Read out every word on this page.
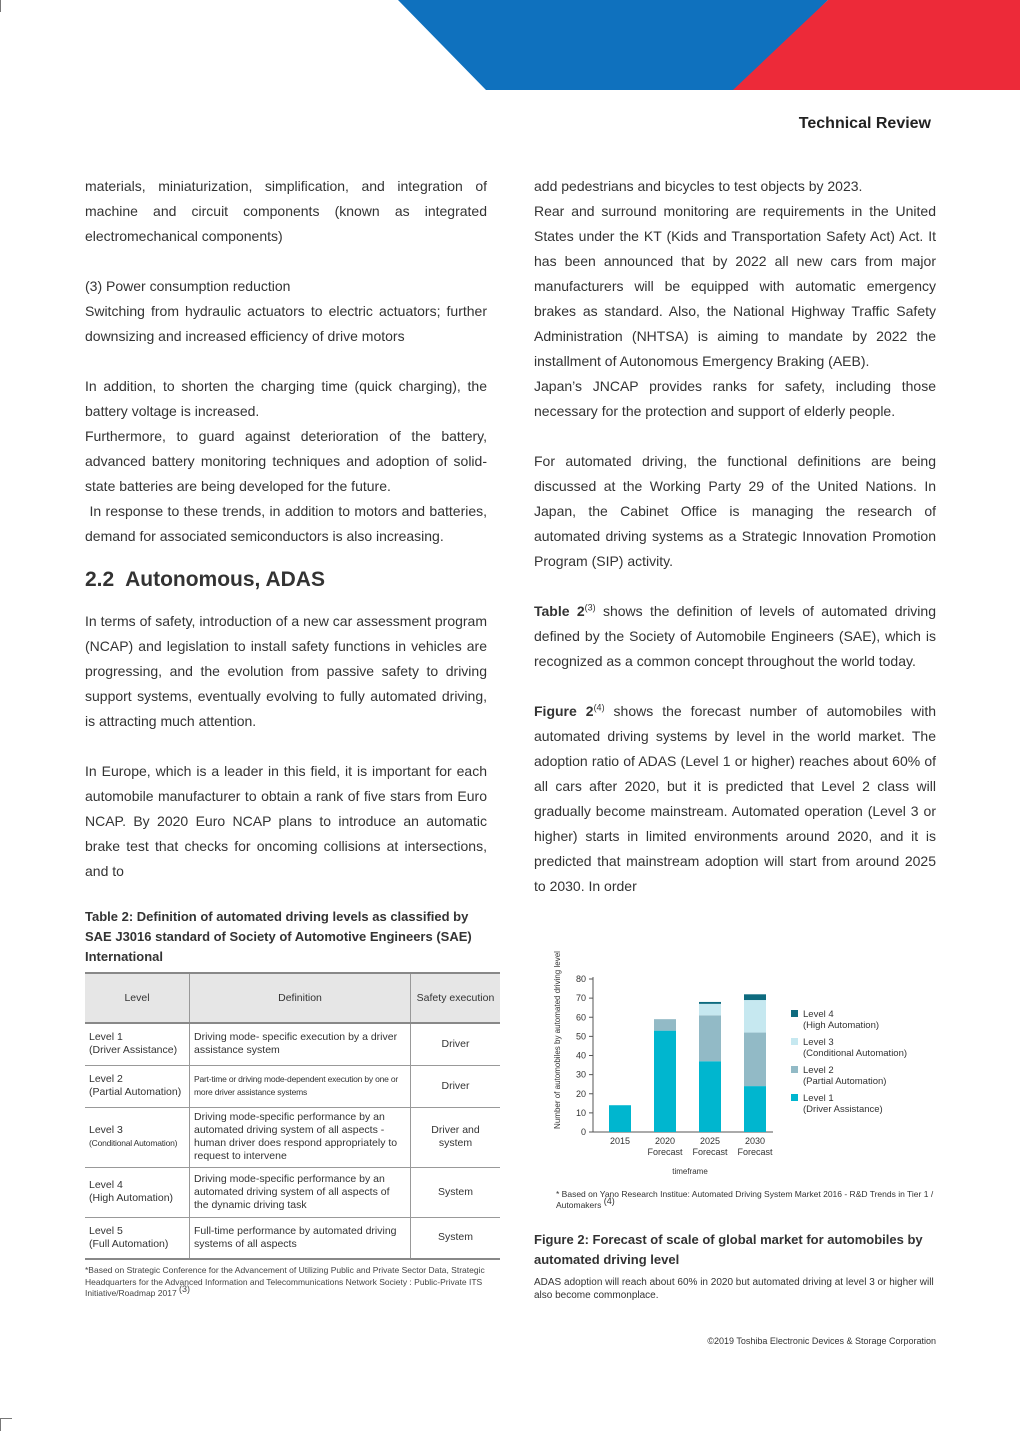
Technical Review

materials, miniaturization, simplification, and integration of machine and circuit components (known as integrated electromechanical components)

(3) Power consumption reduction

Switching from hydraulic actuators to electric actuators; further downsizing and increased efficiency of drive motors

In addition, to shorten the charging time (quick charging), the battery voltage is increased.

Furthermore, to guard against deterioration of the battery, advanced battery monitoring techniques and adoption of solid-state batteries are being developed for the future.

In response to these trends, in addition to motors and batteries, demand for associated semiconductors is also increasing.

2.2  Autonomous, ADAS

In terms of safety, introduction of a new car assessment program (NCAP) and legislation to install safety functions in vehicles are progressing, and the evolution from passive safety to driving support systems, eventually evolving to fully automated driving, is attracting much attention.

In Europe, which is a leader in this field, it is important for each automobile manufacturer to obtain a rank of five stars from Euro NCAP. By 2020 Euro NCAP plans to introduce an automatic brake test that checks for oncoming collisions at intersections, and to

add pedestrians and bicycles to test objects by 2023.

Rear and surround monitoring are requirements in the United States under the KT (Kids and Transportation Safety Act) Act. It has been announced that by 2022 all new cars from major manufacturers will be equipped with automatic emergency brakes as standard. Also, the National Highway Traffic Safety Administration (NHTSA) is aiming to mandate by 2022 the installment of Autonomous Emergency Braking (AEB).

Japan’s JNCAP provides ranks for safety, including those necessary for the protection and support of elderly people.

For automated driving, the functional definitions are being discussed at the Working Party 29 of the United Nations. In Japan, the Cabinet Office is managing the research of automated driving systems as a Strategic Innovation Promotion Program (SIP) activity.

Table 2$^{(3)}$ shows the definition of levels of automated driving defined by the Society of Automobile Engineers (SAE), which is recognized as a common concept throughout the world today.

Figure 2$^{(4)}$ shows the forecast number of automobiles with automated driving systems by level in the world market. The adoption ratio of ADAS (Level 1 or higher) reaches about 60% of all cars after 2020, but it is predicted that Level 2 class will gradually become mainstream. Automated operation (Level 3 or higher) starts in limited environments around 2020, and it is predicted that mainstream adoption will start from around 2025 to 2030. In order

Table 2: Definition of automated driving levels as classified by SAE J3016 standard of Society of Automotive Engineers (SAE) International
Level	Definition	Safety execution

Level 1
(Driver Assistance)	Driving mode- specific execution by a driver assistance system	Driver

Level 2
(Partial Automation)	Part-time or driving mode-dependent execution by one or more driver assistance systems	Driver

Level 3
(Conditional Automation)	Driving mode-specific performance by an automated driving system of all aspects - human driver does respond appropriately to request to intervene	Driver and system

Level 4
(High Automation)	Driving mode-specific performance by an automated driving system of all aspects of the dynamic driving task	System

Level 5
(Full Automation)	Full-time performance by automated driving systems of all aspects	System
*Based on Strategic Conference for the Advancement of Utilizing Public and Private Sector Data, Strategic Headquarters for the Advanced Information and Telecommunications Network Society : Public-Private ITS Initiative/Roadmap 2017 (3)
0
10
20
30
40
50
60
70
80
Number of automobiles by automated driving level
2015	2020
Forecast
2025
Forecast
2030
Forecast
timeframe
Level 4
(High Automation)
Level 3
(Conditional Automation)
Level 2
(Partial Automation)
Level 1
(Driver Assistance)
* Based on Yano Research Institue: Automated Driving System Market 2016 - R&D Trends in Tier 1 / Automakers (4)
Figure 2: Forecast of scale of global market for automobiles by automated driving level
ADAS adoption will reach about 60% in 2020 but automated driving at level 3 or higher will also become commonplace.
©2019 Toshiba Electronic Devices & Storage Corporation
